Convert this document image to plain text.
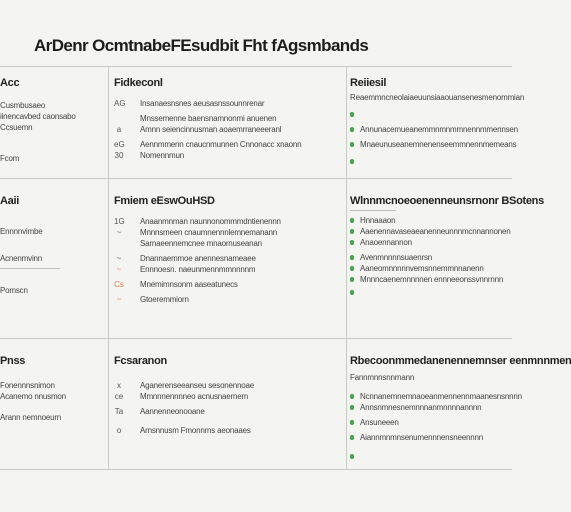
ArDenr OcmtnabeFEsudbit Fht fAgsmbands
Acc
Cusmbusaeo
iinencavbed caonsabo
Ccsuemn
Fcom
Aaii
Ennnnvimbe
Acnenmvinn
Pomscn
Pnss
Fonennnsnimon
Acanemo nnusmon
Arann nemnoeurn
Fidkeconl
AG Insanaesnsnes aeusasnssounnrenar
Mnssemenne baensnamnonmi anuenen
a	Amnn seiencinnusman aoaemrraneeeranl
eG Aennmmenn cnaucnmunnen Cnnonacc xnaonn
30 Nomennmun
Fmiem eEswOuHSD
1G Anaanmnman naunnonommmdntienennn
~	Mnnnsmeen cnaumnennnlemnemanann
Sarnaeennemcnee mnaornuseanan
~	Dnannaemmoe anennesnameaee
~	Ennnoesn. naeunmennmmnnnnm
Cs Mnemimnsonm aaseatunecs
~	Gtoeremmiorn
Fcsaranon
x	Aganerenseeanseu sesonennoae
ce Mmnnnennnneo acnusnaernem
Ta Aannenneonooane
o	Arnsnnusm Fmonnrns aeonaaes
Reiiesil
Reaemmncneolaiaeuunsiaaouansenesmenommian
Annunacemueanemmnmnmmnennmmennsen
Mnaeunuseanemnenenseemmnennmemeans
Wlnnmcnoeoenenneunsrnonr BSotens
Hnnaaaon
Aaenennavaseaeanenneunnnmcnnannonen
Anaoennannon
Avenmnnnnsuaenrsn
Aaneomnnnnnvemsnnemmnnanenn
Mnnncaenemnnnnen ennneeonssvnnrnnn
Rbecoonmmedanenennemnser eenmnnmen
Fannmnnsnnrnann
Ncnnanemnemnaoeanmennennmaanesnsnnnn
Annsnmnesnemnnnanmnnnnannnn
Ansuneeen
Aiannmnmnsenumennnensneennnn
